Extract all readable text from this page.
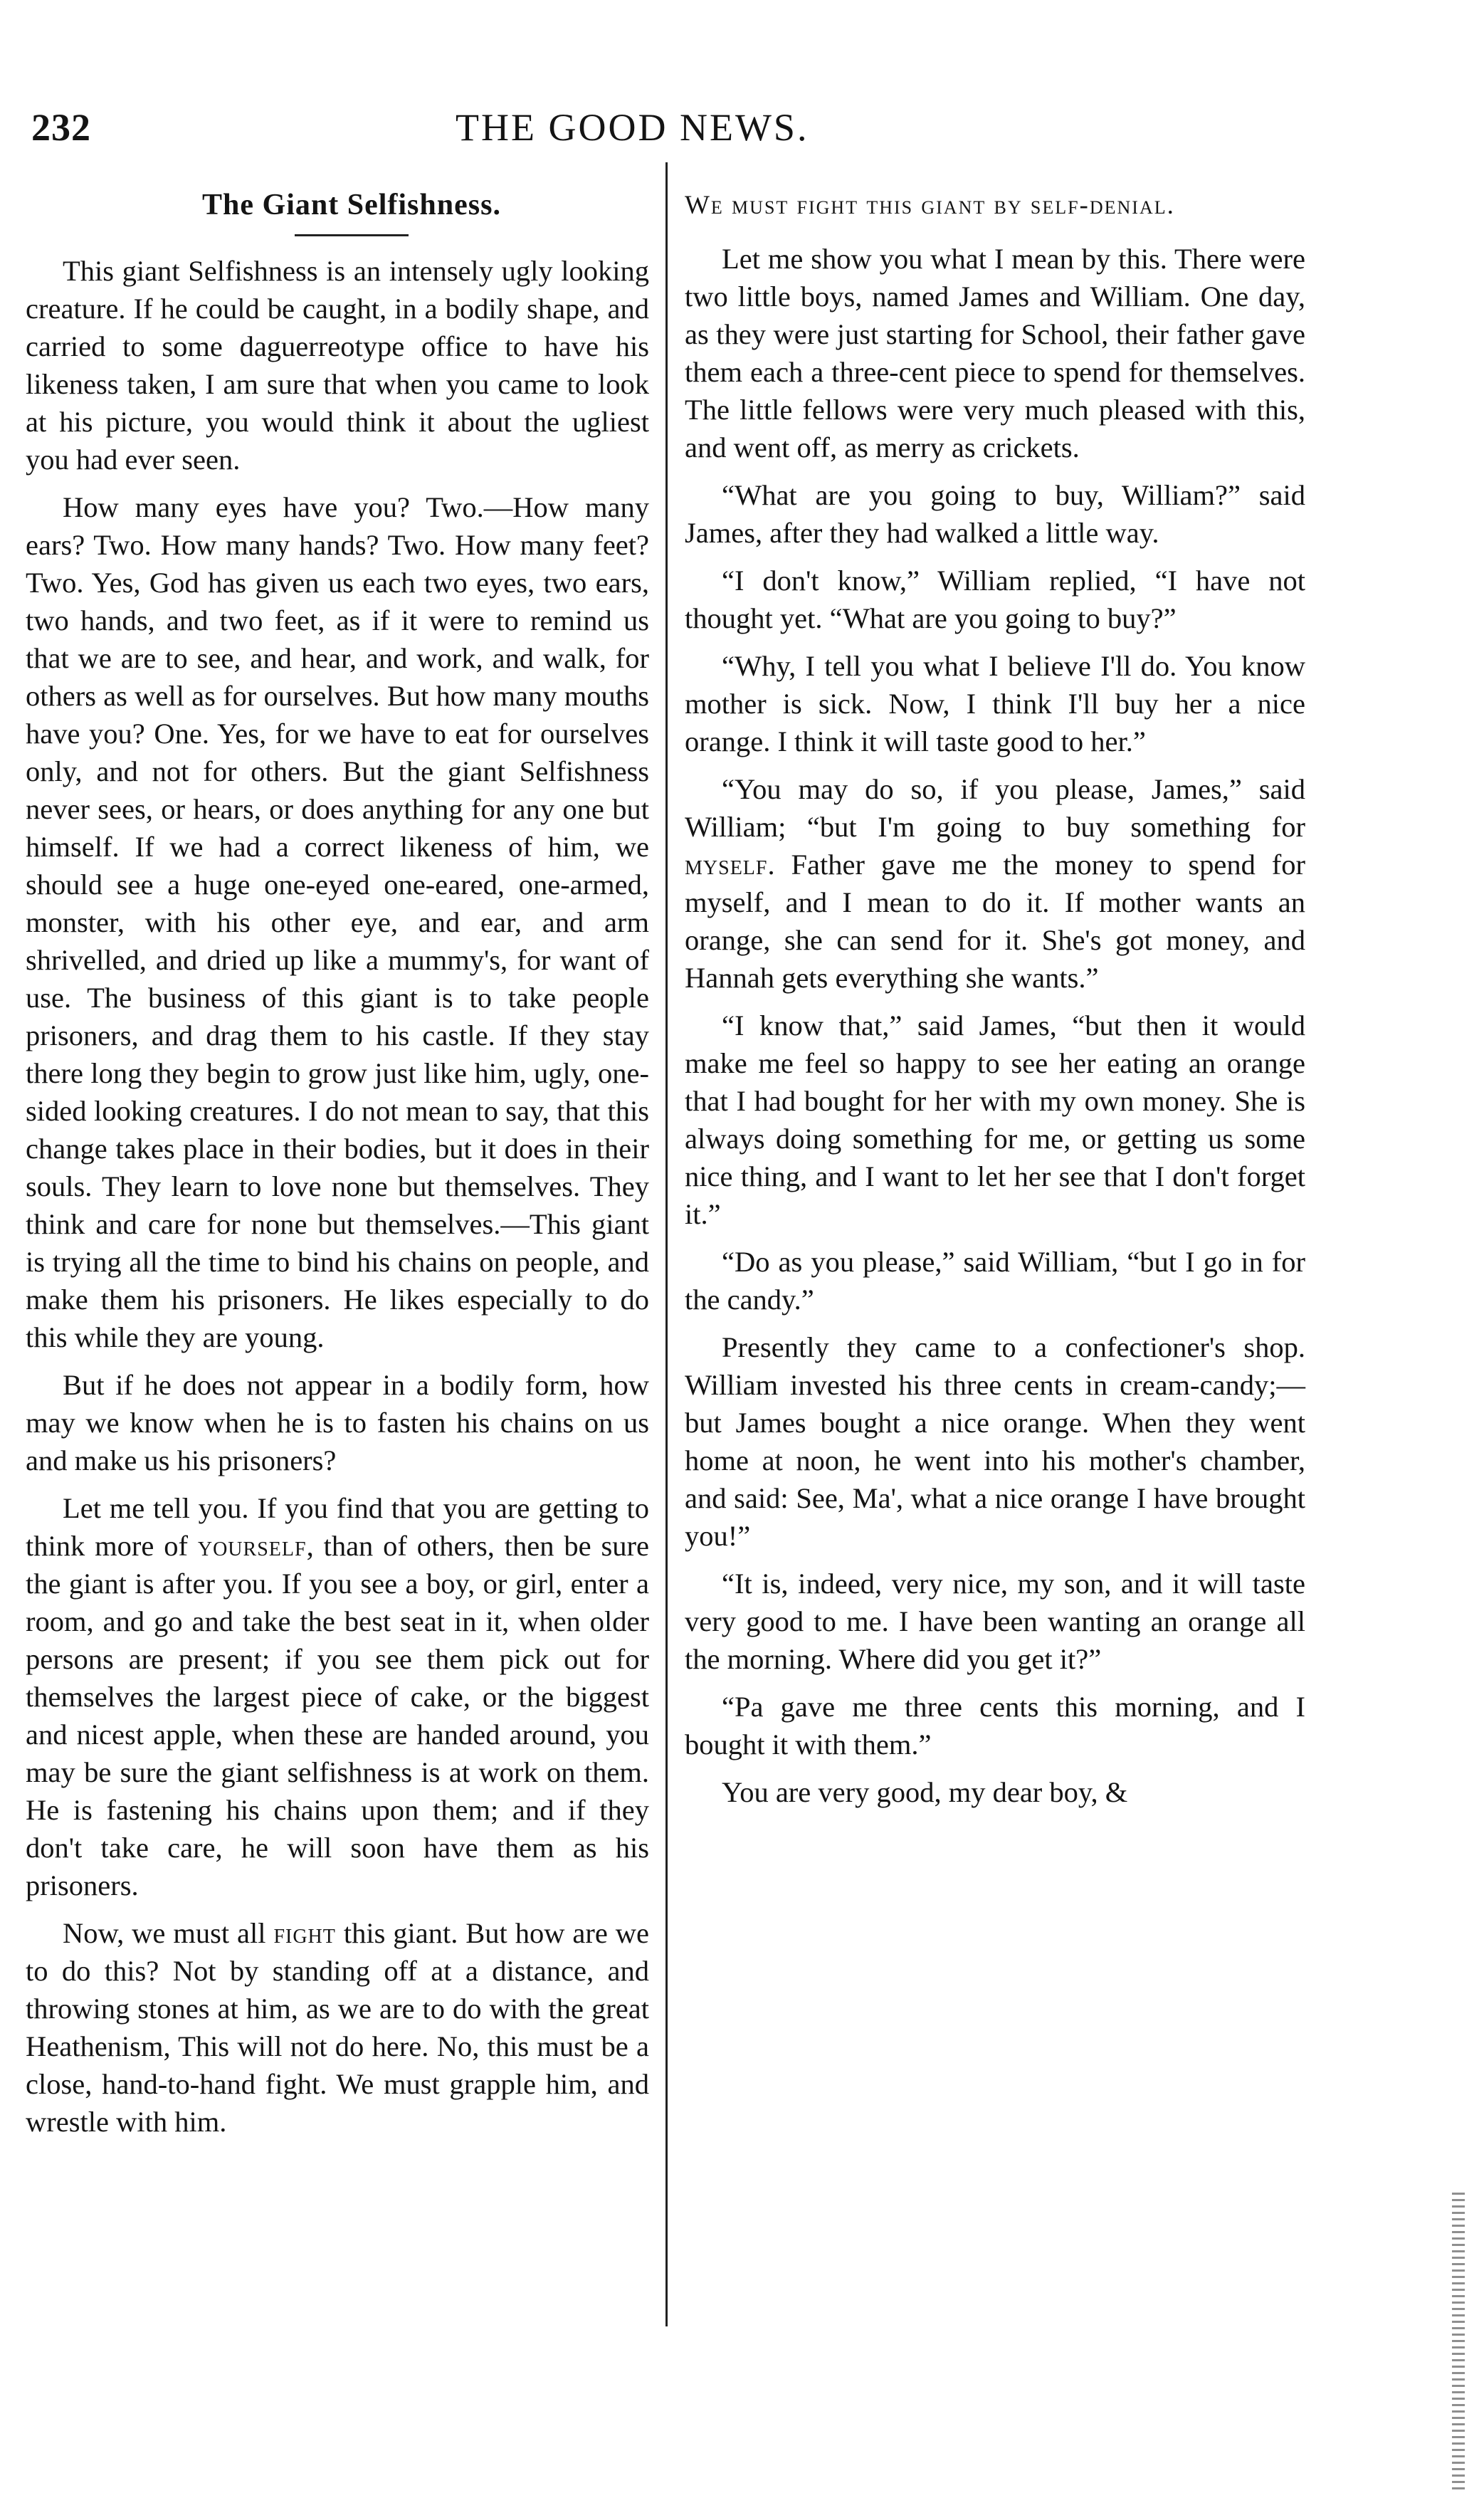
232	THE GOOD NEWS.
The Giant Selfishness.

This giant Selfishness is an intensely ugly looking creature. If he could be caught, in a bodily shape, and carried to some daguerreotype office to have his likeness taken, I am sure that when you came to look at his picture, you would think it about the ugliest you had ever seen.

How many eyes have you? Two.—How many ears? Two. How many hands? Two. How many feet? Two. Yes, God has given us each two eyes, two ears, two hands, and two feet, as if it were to remind us that we are to see, and hear, and work, and walk, for others as well as for ourselves. But how many mouths have you? One. Yes, for we have to eat for ourselves only, and not for others. But the giant Selfishness never sees, or hears, or does anything for any one but himself. If we had a correct likeness of him, we should see a huge one-eyed one-eared, one-armed, monster, with his other eye, and ear, and arm shrivelled, and dried up like a mummy's, for want of use. The business of this giant is to take people prisoners, and drag them to his castle. If they stay there long they begin to grow just like him, ugly, one-sided looking creatures. I do not mean to say, that this change takes place in their bodies, but it does in their souls. They learn to love none but themselves. They think and care for none but themselves.—This giant is trying all the time to bind his chains on people, and make them his prisoners. He likes especially to do this while they are young.

But if he does not appear in a bodily form, how may we know when he is to fasten his chains on us and make us his prisoners?

Let me tell you. If you find that you are getting to think more of yourself, than of others, then be sure the giant is after you. If you see a boy, or girl, enter a room, and go and take the best seat in it, when older persons are present; if you see them pick out for themselves the largest piece of cake, or the biggest and nicest apple, when these are handed around, you may be sure the giant selfishness is at work on them. He is fastening his chains upon them; and if they don't take care, he will soon have them as his prisoners.

Now, we must all fight this giant. But how are we to do this? Not by standing off at a distance, and throwing stones at him, as we are to do with the great Heathenism, This will not do here. No, this must be a close, hand-to-hand fight. We must grapple him, and wrestle with him.

We must fight this giant by self-denial.

Let me show you what I mean by this. There were two little boys, named James and William. One day, as they were just starting for School, their father gave them each a three-cent piece to spend for themselves. The little fellows were very much pleased with this, and went off, as merry as crickets.

“What are you going to buy, William?” said James, after they had walked a little way.

“I don't know,” William replied, “I have not thought yet. “What are you going to buy?”

“Why, I tell you what I believe I'll do. You know mother is sick. Now, I think I'll buy her a nice orange. I think it will taste good to her.”

“You may do so, if you please, James,” said William; “but I'm going to buy something for myself. Father gave me the money to spend for myself, and I mean to do it. If mother wants an orange, she can send for it. She's got money, and Hannah gets everything she wants.”

“I know that,” said James, “but then it would make me feel so happy to see her eating an orange that I had bought for her with my own money. She is always doing something for me, or getting us some nice thing, and I want to let her see that I don't forget it.”

“Do as you please,” said William, “but I go in for the candy.”

Presently they came to a confectioner's shop. William invested his three cents in cream-candy;—but James bought a nice orange. When they went home at noon, he went into his mother's chamber, and said: See, Ma', what a nice orange I have brought you!”

“It is, indeed, very nice, my son, and it will taste very good to me. I have been wanting an orange all the morning. Where did you get it?”

“Pa gave me three cents this morning, and I bought it with them.”

You are very good, my dear boy, &
